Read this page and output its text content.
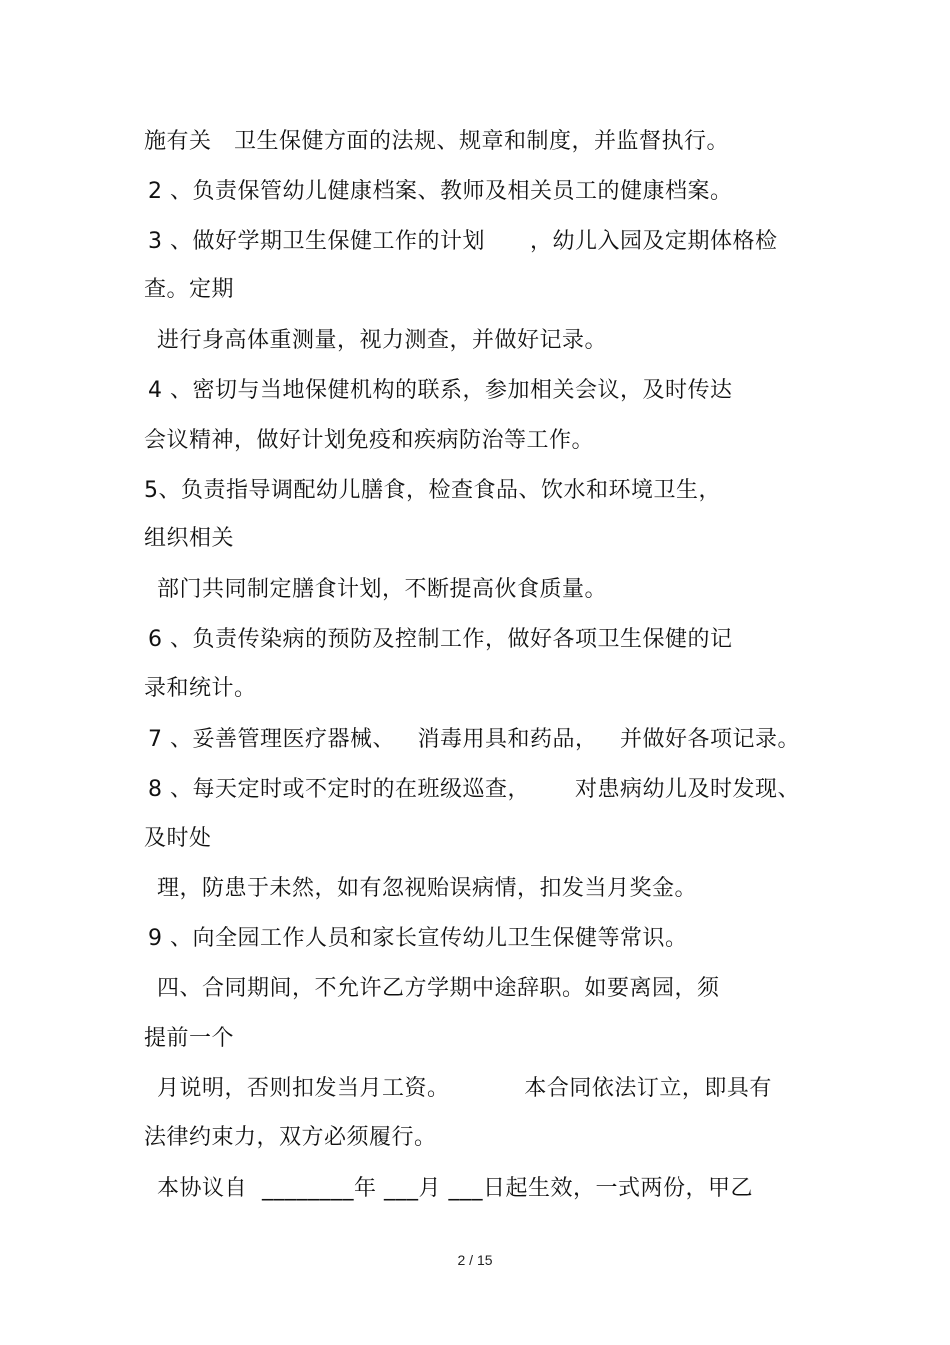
施有关   卫生保健方面的法规、规章和制度，并监督执行。
2 、负责保管幼儿健康档案、教师及相关员工的健康档案。
3 、做好学期卫生保健工作的计划      ，幼儿入园及定期体格检
查。定期
进行身高体重测量，视力测查，并做好记录。
4 、密切与当地保健机构的联系，参加相关会议，及时传达
会议精神，做好计划免疫和疾病防治等工作。
5、负责指导调配幼儿膳食，检查食品、饮水和环境卫生，
组织相关
部门共同制定膳食计划，不断提高伙食质量。
6 、负责传染病的预防及控制工作，做好各项卫生保健的记
录和统计。
7 、妥善管理医疗器械、   消毒用具和药品，   并做好各项记录。
8 、每天定时或不定时的在班级巡查，      对患病幼儿及时发现、
及时处
理，防患于未然，如有忽视贻误病情，扣发当月奖金。
9 、向全园工作人员和家长宣传幼儿卫生保健等常识。
四、合同期间，不允许乙方学期中途辞职。如要离园，须
提前一个
月说明，否则扣发当月工资。          本合同依法订立，即具有
法律约束力，双方必须履行。
本协议自  ________年 ___月 ___日起生效，一式两份，甲乙
2 / 15
